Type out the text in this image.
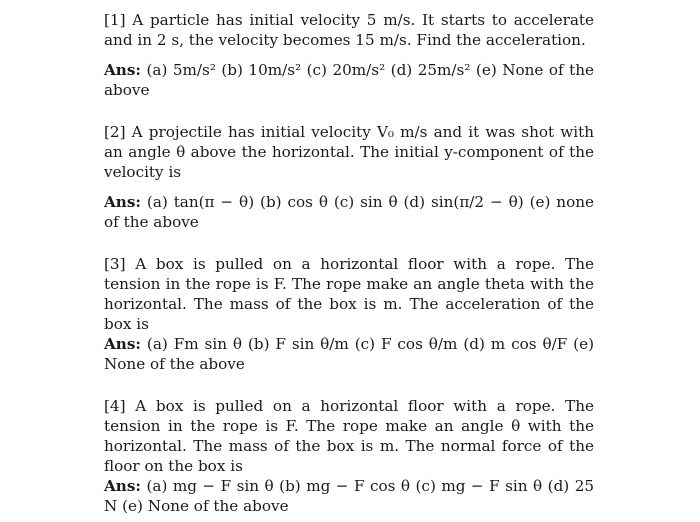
[1] A particle has initial velocity 5 m/s. It starts to accelerate and in 2 s, the velocity becomes 15 m/s. Find the acceleration.
Ans: (a) 5m/s² (b) 10m/s² (c) 20m/s² (d) 25m/s² (e) None of the above
[2] A projectile has initial velocity V₀ m/s and it was shot with an angle θ above the horizontal. The initial y-component of the velocity is
Ans: (a) tan(π − θ) (b) cos θ (c) sin θ (d) sin(π/2 − θ) (e) none of the above
[3] A box is pulled on a horizontal floor with a rope. The tension in the rope is F. The rope make an angle theta with the horizontal. The mass of the box is m. The acceleration of the box is
Ans: (a) Fm sin θ (b) F sin θ/m (c) F cos θ/m (d) m cos θ/F (e) None of the above
[4] A box is pulled on a horizontal floor with a rope. The tension in the rope is F. The rope make an angle θ with the horizontal. The mass of the box is m. The normal force of the floor on the box is
Ans: (a) mg − F sin θ (b) mg − F cos θ (c) mg − F sin θ (d) 25 N (e) None of the above
